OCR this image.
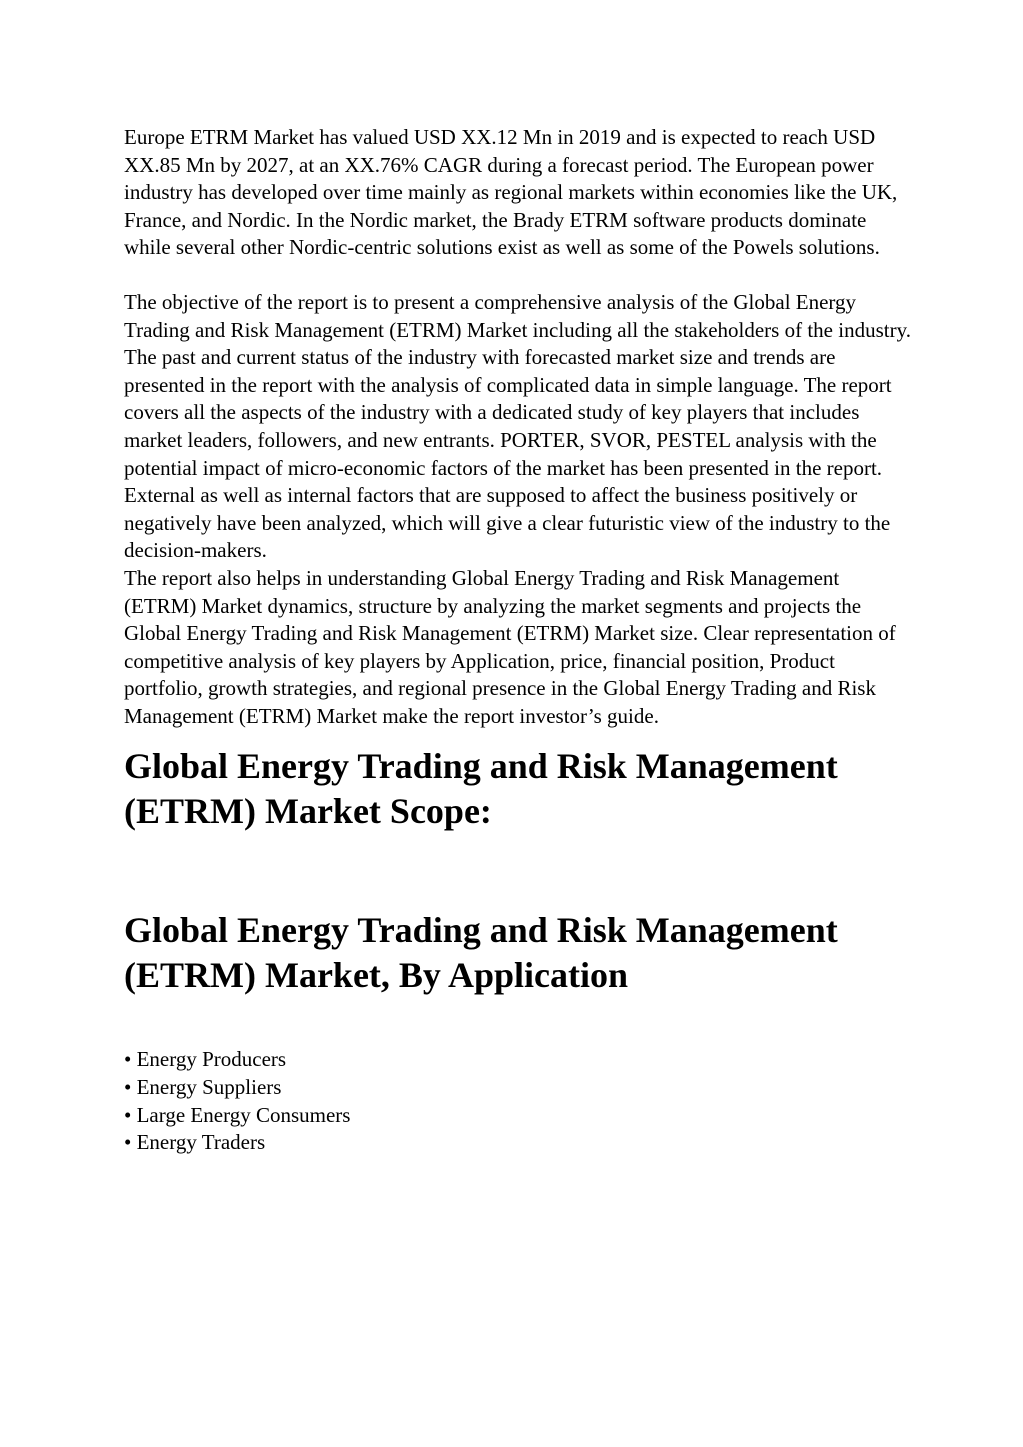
Europe ETRM Market has valued USD XX.12 Mn in 2019 and is expected to reach USD XX.85 Mn by 2027, at an XX.76% CAGR during a forecast period. The European power industry has developed over time mainly as regional markets within economies like the UK, France, and Nordic. In the Nordic market, the Brady ETRM software products dominate while several other Nordic-centric solutions exist as well as some of the Powels solutions.

The objective of the report is to present a comprehensive analysis of the Global Energy Trading and Risk Management (ETRM) Market including all the stakeholders of the industry. The past and current status of the industry with forecasted market size and trends are presented in the report with the analysis of complicated data in simple language. The report covers all the aspects of the industry with a dedicated study of key players that includes market leaders, followers, and new entrants. PORTER, SVOR, PESTEL analysis with the potential impact of micro-economic factors of the market has been presented in the report. External as well as internal factors that are supposed to affect the business positively or negatively have been analyzed, which will give a clear futuristic view of the industry to the decision-makers.

The report also helps in understanding Global Energy Trading and Risk Management (ETRM) Market dynamics, structure by analyzing the market segments and projects the Global Energy Trading and Risk Management (ETRM) Market size. Clear representation of competitive analysis of key players by Application, price, financial position, Product portfolio, growth strategies, and regional presence in the Global Energy Trading and Risk Management (ETRM) Market make the report investor’s guide.

Global Energy Trading and Risk Management (ETRM) Market Scope:
Global Energy Trading and Risk Management (ETRM) Market, By Application
• Energy Producers
• Energy Suppliers
• Large Energy Consumers
• Energy Traders
